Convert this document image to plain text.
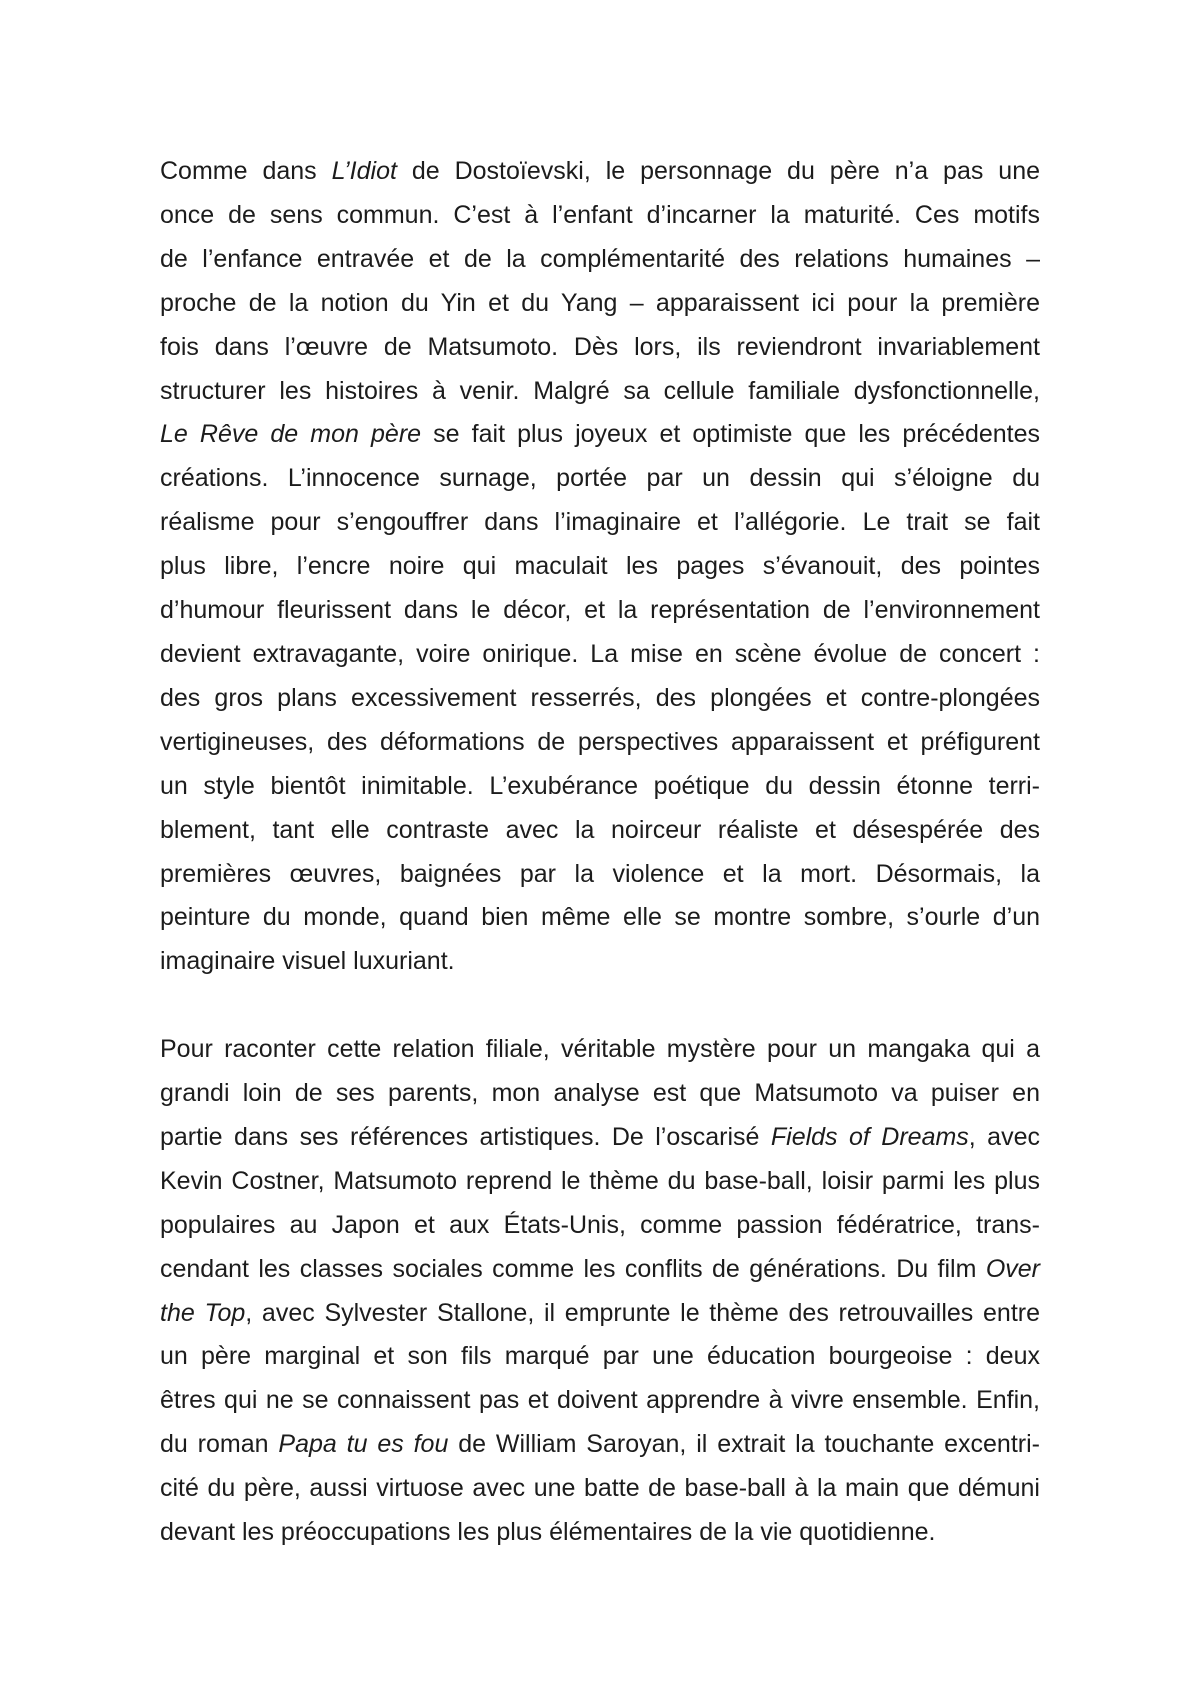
Comme dans L’Idiot de Dostoïevski, le personnage du père n’a pas une
once de sens commun. C’est à l’enfant d’incarner la maturité. Ces motifs
de l’enfance entravée et de la complémentarité des relations humaines –
proche de la notion du Yin et du Yang – apparaissent ici pour la première
fois dans l’œuvre de Matsumoto. Dès lors, ils reviendront invariablement
structurer les histoires à venir. Malgré sa cellule familiale dysfonctionnelle,
Le Rêve de mon père se fait plus joyeux et optimiste que les précédentes
créations. L’innocence surnage, portée par un dessin qui s’éloigne du
réalisme pour s’engouffrer dans l’imaginaire et l’allégorie. Le trait se fait
plus libre, l’encre noire qui maculait les pages s’évanouit, des pointes
d’humour fleurissent dans le décor, et la représentation de l’environnement
devient extravagante, voire onirique. La mise en scène évolue de concert :
des gros plans excessivement resserrés, des plongées et contre-plongées
vertigineuses, des déformations de perspectives apparaissent et préfigurent
un style bientôt inimitable. L’exubérance poétique du dessin étonne terri-
blement, tant elle contraste avec la noirceur réaliste et désespérée des
premières œuvres, baignées par la violence et la mort. Désormais, la
peinture du monde, quand bien même elle se montre sombre, s’ourle d’un
imaginaire visuel luxuriant.

Pour raconter cette relation filiale, véritable mystère pour un mangaka qui a
grandi loin de ses parents, mon analyse est que Matsumoto va puiser en
partie dans ses références artistiques. De l’oscarisé Fields of Dreams, avec
Kevin Costner, Matsumoto reprend le thème du base-ball, loisir parmi les plus
populaires au Japon et aux États-Unis, comme passion fédératrice, trans-
cendant les classes sociales comme les conflits de générations. Du film Over
the Top, avec Sylvester Stallone, il emprunte le thème des retrouvailles entre
un père marginal et son fils marqué par une éducation bourgeoise : deux
êtres qui ne se connaissent pas et doivent apprendre à vivre ensemble. Enfin,
du roman Papa tu es fou de William Saroyan, il extrait la touchante excentri-
cité du père, aussi virtuose avec une batte de base-ball à la main que démuni
devant les préoccupations les plus élémentaires de la vie quotidienne.
